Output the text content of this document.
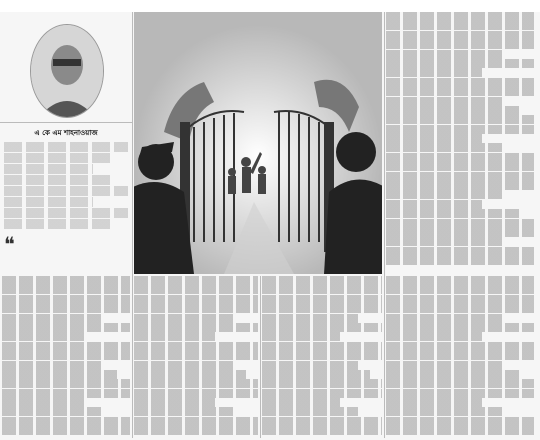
এ কে এম শাহনাওয়াজ
❝
